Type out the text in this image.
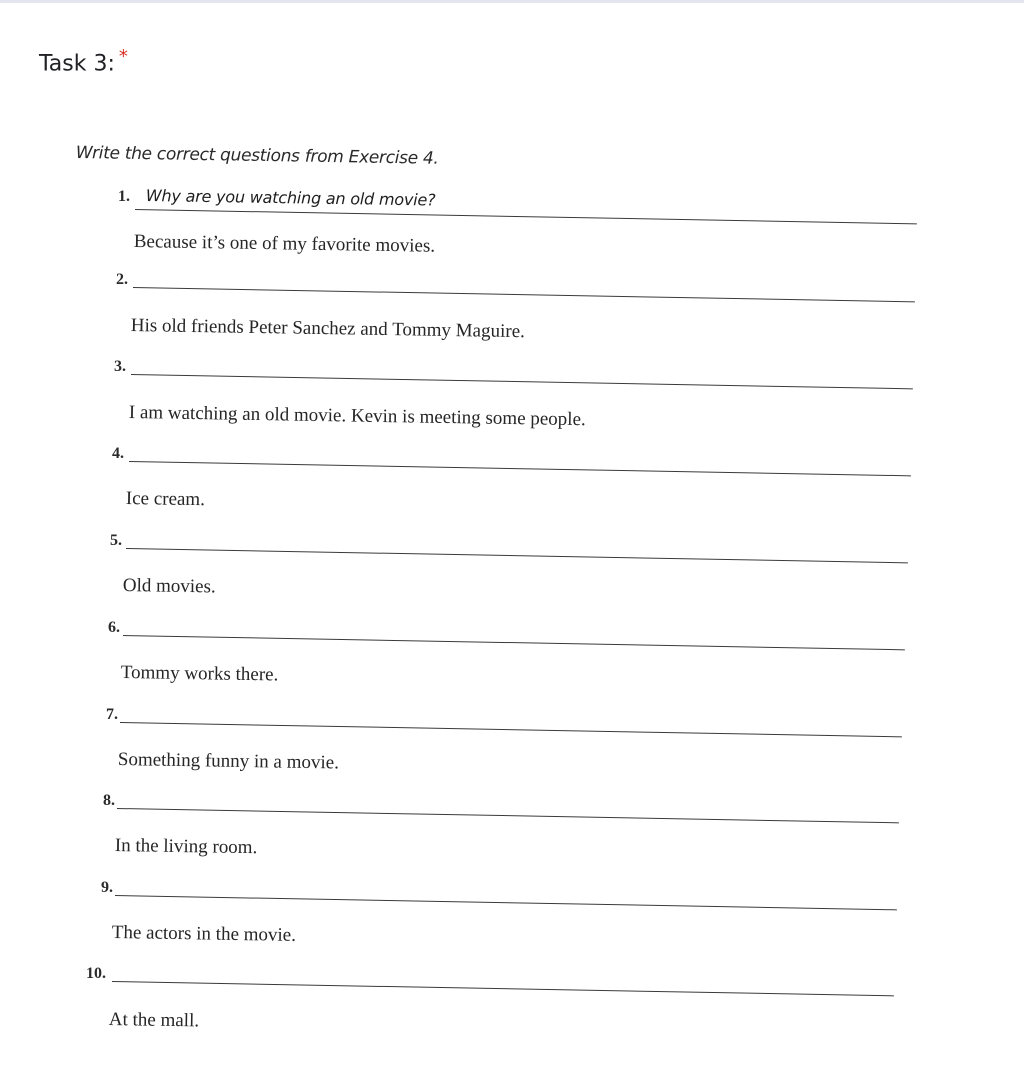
Task 3: *
Write the correct questions from Exercise 4.
1. Why are you watching an old movie?
Because it’s one of my favorite movies.
2.
His old friends Peter Sanchez and Tommy Maguire.
3.
I am watching an old movie. Kevin is meeting some people.
4.
Ice cream.
5.
Old movies.
6.
Tommy works there.
7.
Something funny in a movie.
8.
In the living room.
9.
The actors in the movie.
10.
At the mall.
